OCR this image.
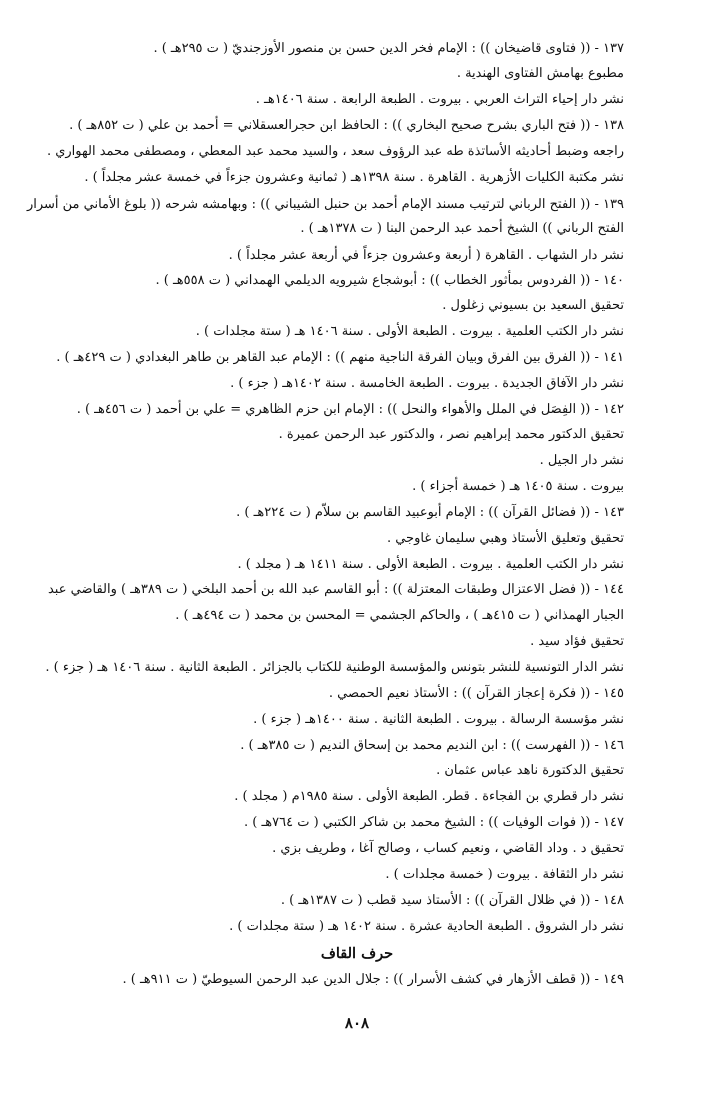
١٣٧ - (( فتاوى قاضيخان )) : الإمام فخر الدين حسن بن منصور الأوزجنديّ ( ت ٢٩٥هـ ) .
مطبوع بهامش الفتاوى الهندية .
نشر دار إحياء التراث العربي . بيروت . الطبعة الرابعة . سنة ١٤٠٦هـ .
١٣٨ - (( فتح الباري بشرح صحيح البخاري )) : الحافظ ابن حجرالعسقلاني = أحمد بن علي ( ت ٨٥٢هـ ) .
راجعه وضبط أحاديثه الأساتذة طه عبد الرؤوف سعد ، والسيد محمد عبد المعطي ، ومصطفى محمد الهواري .
نشر مكتبة الكليات الأزهرية . القاهرة . سنة ١٣٩٨هـ ( ثمانية وعشرون جزءاً في خمسة عشر مجلداً ) .
١٣٩ - (( الفتح الرباني لترتيب مسند الإمام أحمد بن حنبل الشيباني )) : وبهامشه شرحه (( بلوغ الأماني من أسرار
الفتح الرباني )) الشيخ أحمد عبد الرحمن البنا ( ت ١٣٧٨هـ ) .
نشر دار الشهاب . القاهرة ( أربعة وعشرون جزءاً في أربعة عشر مجلداً ) .
١٤٠ - (( الفردوس بمأثور الخطاب )) : أبوشجاع شيرويه الديلمي الهمداني ( ت ٥٥٨هـ ) .
تحقيق السعيد بن بسيوني زغلول .
نشر دار الكتب العلمية . بيروت . الطبعة الأولى . سنة ١٤٠٦ هـ ( ستة مجلدات ) .
١٤١ - (( الفرق بين الفرق وبيان الفرقة الناجية منهم )) : الإمام عبد القاهر بن طاهر البغدادي ( ت ٤٢٩هـ ) .
نشر دار الآفاق الجديدة . بيروت . الطبعة الخامسة . سنة ١٤٠٢هـ ( جزء ) .
١٤٢ - (( الفِصَل في الملل والأهواء والنحل )) : الإمام ابن حزم الظاهري = علي بن أحمد ( ت ٤٥٦هـ ) .
تحقيق الدكتور محمد إبراهيم نصر ، والدكتور عبد الرحمن عميرة .
نشر دار الجيل .
بيروت . سنة ١٤٠٥ هـ ( خمسة أجزاء ) .
١٤٣ - (( فضائل القرآن )) : الإمام أبوعبيد القاسم بن سلاّم ( ت ٢٢٤هـ ) .
تحقيق وتعليق الأستاذ وهبي سليمان غاوجي .
نشر دار الكتب العلمية . بيروت . الطبعة الأولى . سنة ١٤١١ هـ ( مجلد ) .
١٤٤ - (( فضل الاعتزال وطبقات المعتزلة )) : أبو القاسم عبد الله بن أحمد البلخي ( ت ٣٨٩هـ ) والقاضي عبد
الجبار الهمذاني ( ت ٤١٥هـ ) ، والحاكم الجشمي = المحسن بن محمد ( ت ٤٩٤هـ ) .
تحقيق فؤاد سيد .
نشر الدار التونسية للنشر بتونس والمؤسسة الوطنية للكتاب بالجزائر . الطبعة الثانية . سنة ١٤٠٦ هـ ( جزء ) .
١٤٥ - (( فكرة إعجاز القرآن )) : الأستاذ نعيم الحمصي .
نشر مؤسسة الرسالة . بيروت . الطبعة الثانية . سنة ١٤٠٠هـ ( جزء ) .
١٤٦ - (( الفهرست )) : ابن النديم محمد بن إسحاق النديم ( ت ٣٨٥هـ ) .
تحقيق الدكتورة ناهد عباس عثمان .
نشر دار قطري بن الفجاءة . قطر. الطبعة الأولى . سنة ١٩٨٥م ( مجلد ) .
١٤٧ - (( فوات الوفيات )) : الشيخ محمد بن شاكر الكتبي ( ت ٧٦٤هـ ) .
تحقيق د . وداد القاضي ، ونعيم كساب ، وصالح آغا ، وطريف بزي .
نشر دار الثقافة . بيروت ( خمسة مجلدات ) .
١٤٨ - (( في ظلال القرآن )) : الأستاذ سيد قطب ( ت ١٣٨٧هـ ) .
نشر دار الشروق . الطبعة الحادية عشرة . سنة ١٤٠٢ هـ ( ستة مجلدات ) .
حرف القاف
١٤٩ - (( قطف الأزهار في كشف الأسرار )) : جلال الدين عبد الرحمن السيوطيّ ( ت ٩١١هـ ) .
٨٠٨
